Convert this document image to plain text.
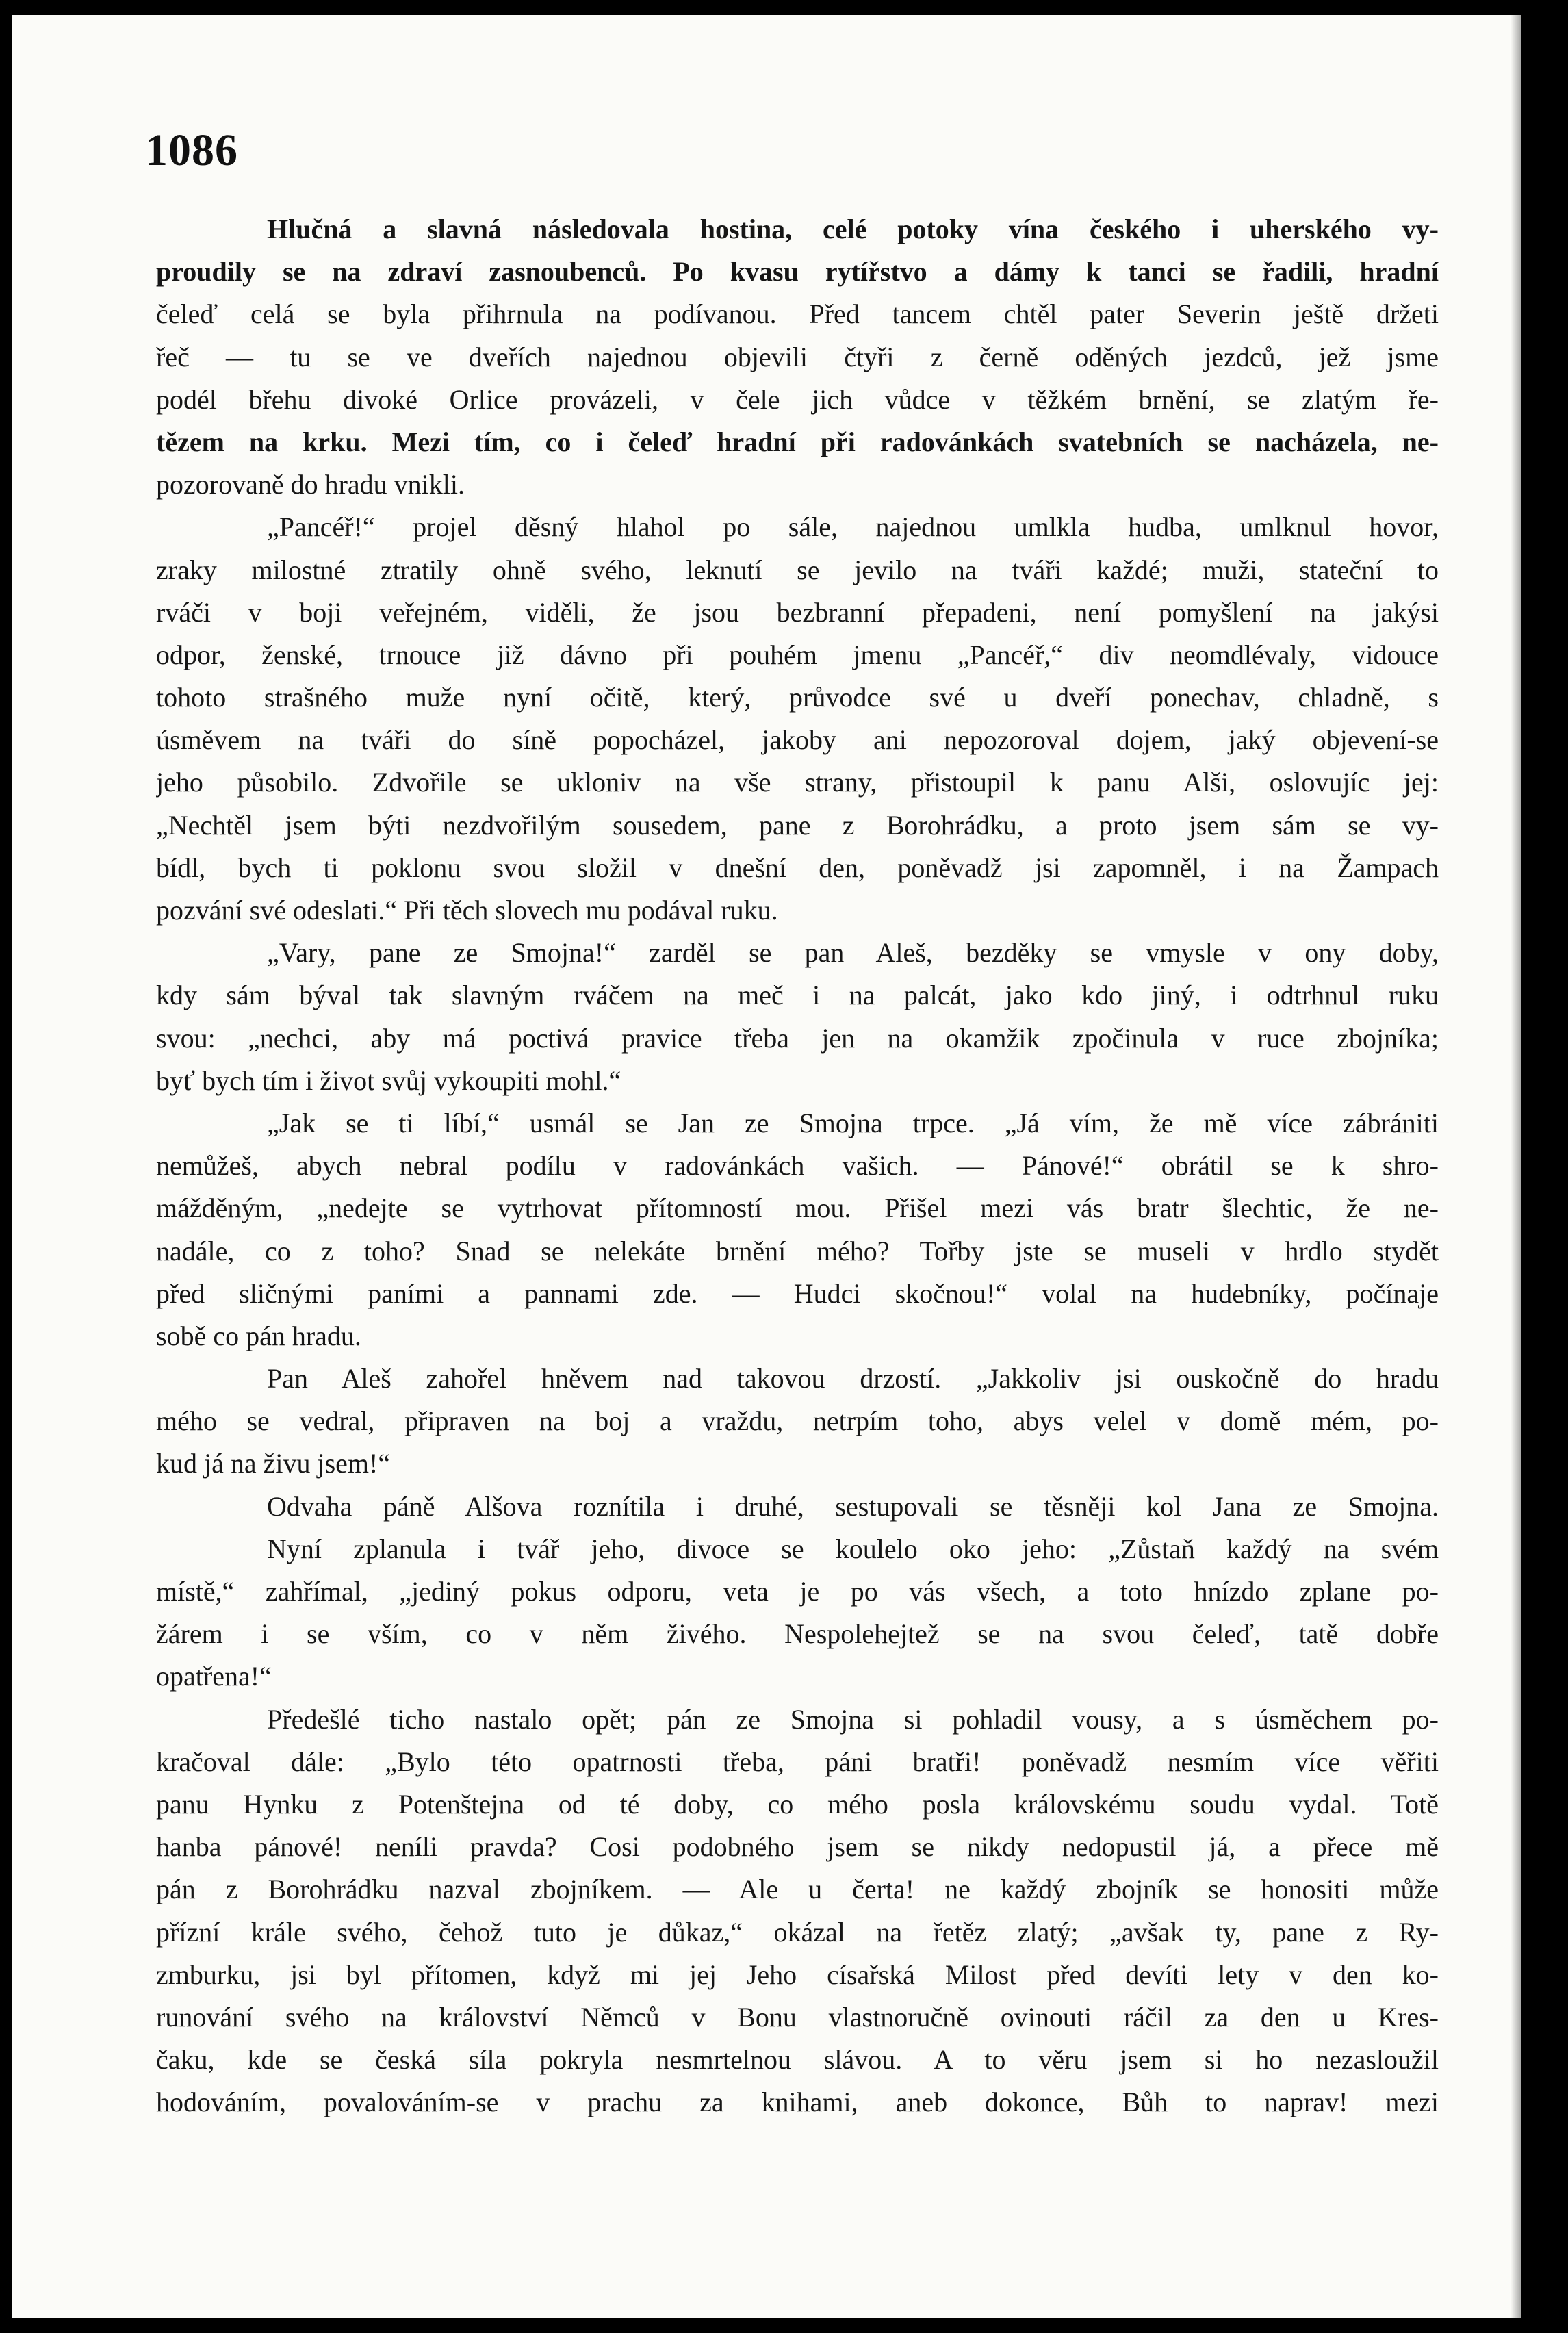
1086
Hlučná a slavná následovala hostina, celé potoky vína českého i uherského vy-
proudily se na zdraví zasnoubenců. Po kvasu rytířstvo a dámy k tanci se řadili, hradní
čeleď celá se byla přihrnula na podívanou. Před tancem chtěl pater Severin ještě držeti
řeč — tu se ve dveřích najednou objevili čtyři z černě oděných jezdců, jež jsme
podél břehu divoké Orlice provázeli, v čele jich vůdce v těžkém brnění, se zlatým ře-
tězem na krku. Mezi tím, co i čeleď hradní při radovánkách svatebních se nacházela, ne-
pozorovaně do hradu vnikli.
„Pancéř!“ projel děsný hlahol po sále, najednou umlkla hudba, umlknul hovor,
zraky milostné ztratily ohně svého, leknutí se jevilo na tváři každé; muži, stateční to
rváči v boji veřejném, viděli, že jsou bezbranní přepadeni, není pomyšlení na jakýsi
odpor, ženské, trnouce již dávno při pouhém jmenu „Pancéř,“ div neomdlévaly, vidouce
tohoto strašného muže nyní očitě, který, průvodce své u dveří ponechav, chladně, s
úsměvem na tváři do síně popocházel, jakoby ani nepozoroval dojem, jaký objevení-se
jeho působilo. Zdvořile se ukloniv na vše strany, přistoupil k panu Alši, oslovujíc jej:
„Nechtěl jsem býti nezdvořilým sousedem, pane z Borohrádku, a proto jsem sám se vy-
bídl, bych ti poklonu svou složil v dnešní den, poněvadž jsi zapomněl, i na Žampach
pozvání své odeslati.“ Při těch slovech mu podával ruku.
„Vary, pane ze Smojna!“ zarděl se pan Aleš, bezděky se vmysle v ony doby,
kdy sám býval tak slavným rváčem na meč i na palcát, jako kdo jiný, i odtrhnul ruku
svou: „nechci, aby má poctivá pravice třeba jen na okamžik zpočinula v ruce zbojníka;
byť bych tím i život svůj vykoupiti mohl.“
„Jak se ti líbí,“ usmál se Jan ze Smojna trpce. „Já vím, že mě více zábrániti
nemůžeš, abych nebral podílu v radovánkách vašich. — Pánové!“ obrátil se k shro-
mážděným, „nedejte se vytrhovat přítomností mou. Přišel mezi vás bratr šlechtic, že ne-
nadále, co z toho? Snad se nelekáte brnění mého? Tořby jste se museli v hrdlo stydět
před sličnými paními a pannami zde. — Hudci skočnou!“ volal na hudebníky, počínaje
sobě co pán hradu.
Pan Aleš zahořel hněvem nad takovou drzostí. „Jakkoliv jsi ouskočně do hradu
mého se vedral, připraven na boj a vraždu, netrpím toho, abys velel v domě mém, po-
kud já na živu jsem!“
Odvaha páně Alšova roznítila i druhé, sestupovali se těsněji kol Jana ze Smojna.
Nyní zplanula i tvář jeho, divoce se koulelo oko jeho: „Zůstaň každý na svém
místě,“ zahřímal, „jediný pokus odporu, veta je po vás všech, a toto hnízdo zplane po-
žárem i se vším, co v něm živého. Nespolehejtež se na svou čeleď, tatě dobře
opatřena!“
Předešlé ticho nastalo opět; pán ze Smojna si pohladil vousy, a s úsměchem po-
kračoval dále: „Bylo této opatrnosti třeba, páni bratři! poněvadž nesmím více věřiti
panu Hynku z Potenštejna od té doby, co mého posla královskému soudu vydal. Totě
hanba pánové! neníli pravda? Cosi podobného jsem se nikdy nedopustil já, a přece mě
pán z Borohrádku nazval zbojníkem. — Ale u čerta! ne každý zbojník se honositi může
přízní krále svého, čehož tuto je důkaz,“ okázal na řetěz zlatý; „avšak ty, pane z Ry-
zmburku, jsi byl přítomen, když mi jej Jeho císařská Milost před devíti lety v den ko-
runování svého na království Němců v Bonu vlastnoručně ovinouti ráčil za den u Kres-
čaku, kde se česká síla pokryla nesmrtelnou slávou. A to věru jsem si ho nezasloužil
hodováním, povalováním-se v prachu za knihami, aneb dokonce, Bůh to naprav! mezi
